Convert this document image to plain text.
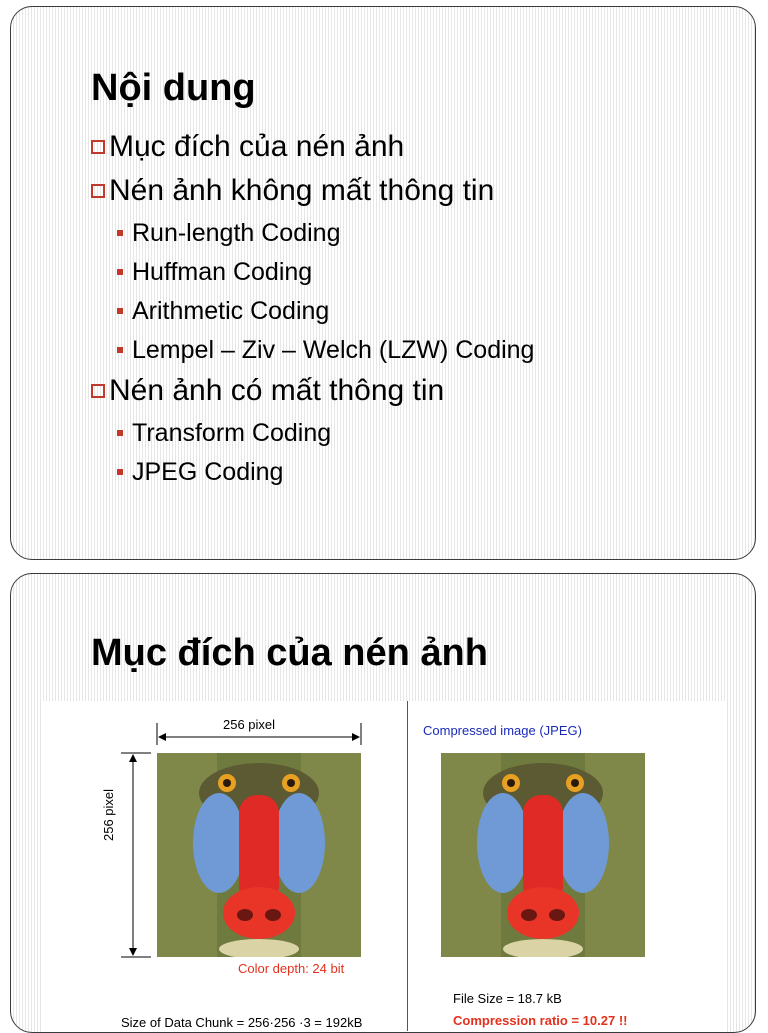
Nội dung
Mục đích của nén ảnh
Nén ảnh không mất thông tin
Run-length Coding
Huffman Coding
Arithmetic Coding
Lempel – Ziv – Welch (LZW) Coding
Nén ảnh có mất thông tin
Transform Coding
JPEG Coding
Mục đích của nén ảnh
256 pixel
256 pixel
Color depth: 24 bit
Size of Data Chunk = 256·256 ·3 = 192kB
Compressed image (JPEG)
File Size = 18.7 kB
Compression ratio = 10.27 !!
